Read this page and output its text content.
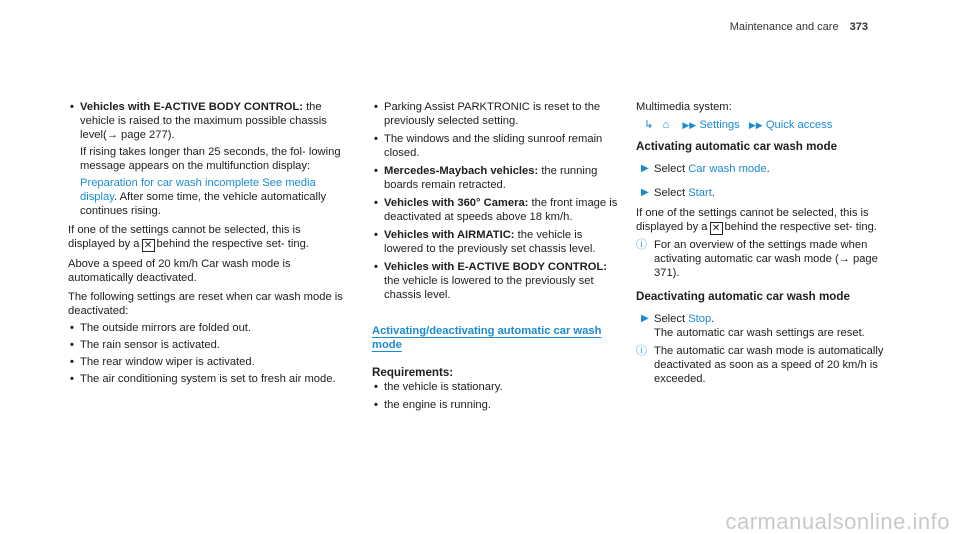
Maintenance and care 373
• Vehicles with E-ACTIVE BODY CONTROL: the vehicle is raised to the maximum possible chassis level(→ page 277).

If rising takes longer than 25 seconds, the fol- lowing message appears on the multifunction display:

Preparation for car wash incomplete See media display. After some time, the vehicle automatically continues rising.

If one of the settings cannot be selected, this is displayed by a ✕ behind the respective set- ting.

Above a speed of 20 km/h Car wash mode is automatically deactivated.

The following settings are reset when car wash mode is deactivated:

• The outside mirrors are folded out.
• The rain sensor is activated.
• The rear window wiper is activated.
• The air conditioning system is set to fresh air mode.
• Parking Assist PARKTRONIC is reset to the previously selected setting.
• The windows and the sliding sunroof remain closed.
• Mercedes-Maybach vehicles: the running boards remain retracted.
• Vehicles with 360° Camera: the front image is deactivated at speeds above 18 km/h.
• Vehicles with AIRMATIC: the vehicle is lowered to the previously set chassis level.
• Vehicles with E-ACTIVE BODY CONTROL: the vehicle is lowered to the previously set chassis level.

Activating/deactivating automatic car wash mode

Requirements:

• the vehicle is stationary.
• the engine is running.

Multimedia system:

↳ ⌂ ▶▶ Settings ▶▶ Quick access

Activating automatic car wash mode

▶ Select Car wash mode.

▶ Select Start.

If one of the settings cannot be selected, this is displayed by a ✕ behind the respective set- ting.

ⓘ For an overview of the settings made when activating automatic car wash mode (→ page 371).

Deactivating automatic car wash mode

▶ Select Stop.

The automatic car wash settings are reset.

ⓘ The automatic car wash mode is automatically deactivated as soon as a speed of 20 km/h is exceeded.
carmanualsonline.info
